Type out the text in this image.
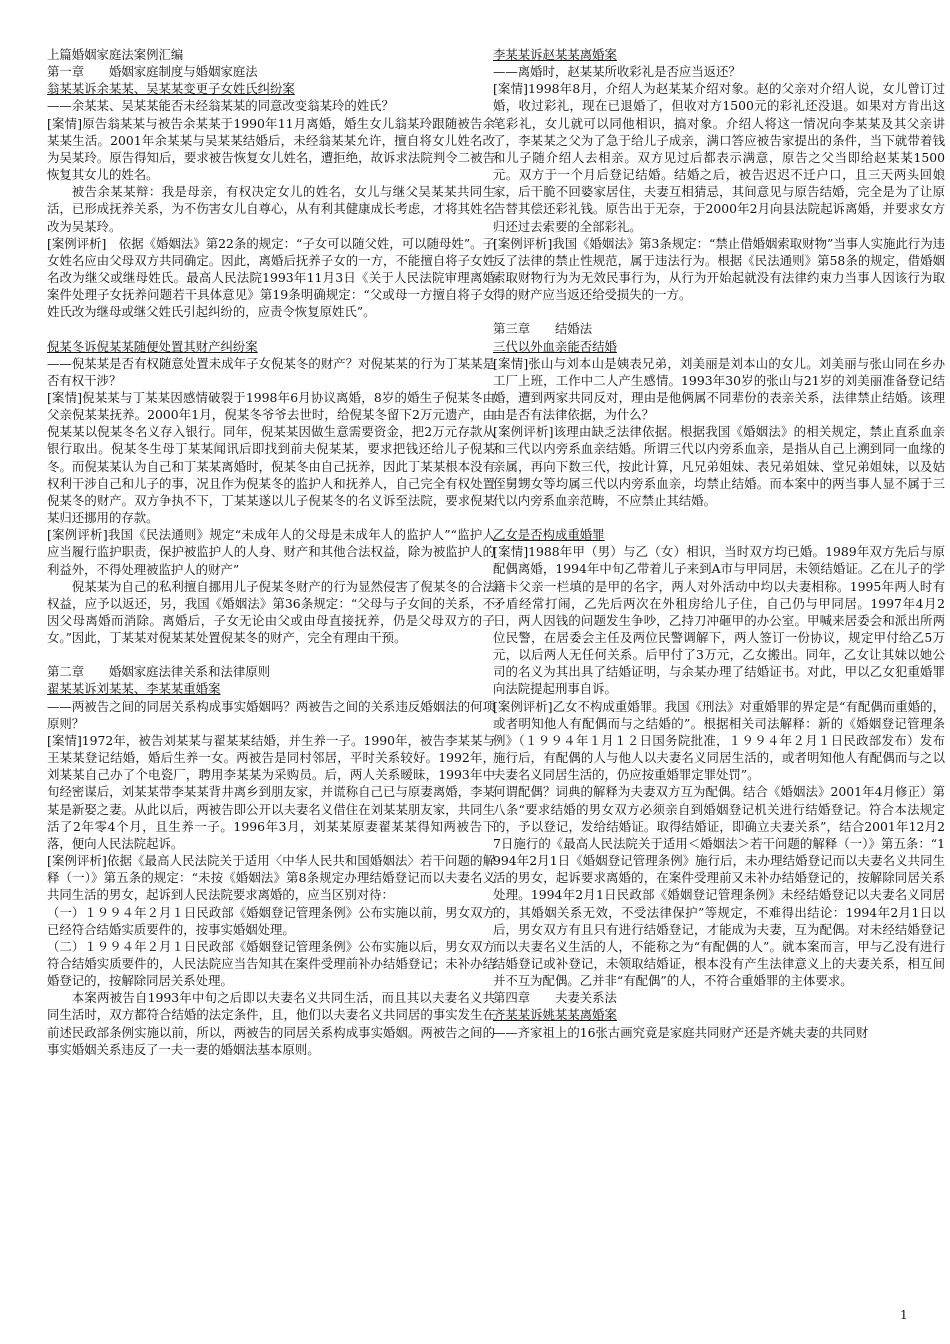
上篇婚姻家庭法案例汇编
第一章　　婚姻家庭制度与婚姻家庭法
翁某某诉余某某、吴某某变更子女姓氏纠纷案
——余某某、吴某某能否未经翁某某的同意改变翁某玲的姓氏？
[案情]原告翁某某与被告余某某于1990年11月离婚，婚生女儿翁某玲跟随被告余某某生活。2001年余某某与吴某某结婚后，未经翁某某允许，擅自将女儿姓名改为吴某玲。原告得知后，要求被告恢复女儿姓名，遭拒绝，故诉求法院判令二被告恢复其女儿的姓名。
被告余某某辩：我是母亲，有权决定女儿的姓名，女儿与继父吴某某共同生活，已形成抚养关系，为不伤害女儿自尊心，从有利其健康成长考虑，才将其姓名改为吴某玲。
[案例评析]　依据《婚姻法》第22条的规定：“子女可以随父姓，可以随母姓”。子女姓名应由父母双方共同确定。因此，离婚后抚养子女的一方，不能擅自将子女姓名改为继父或继母姓氏。最高人民法院1993年11月3日《关于人民法院审理离婚案件处理子女抚养问题若干具体意见》第19条明确规定：“父或母一方擅自将子女姓氏改为继母或继父姓氏引起纠纷的，应责令恢复原姓氏”。
倪某冬诉倪某某随便处置其财产纠纷案
——倪某某是否有权随意处置未成年子女倪某冬的财产？对倪某某的行为丁某某是否有权干涉？
[案情]倪某某与丁某某因感情破裂于1998年6月协议离婚，8岁的婚生子倪某冬由父亲倪某某抚养。2000年1月，倪某冬爷爷去世时，给倪某冬留下2万元遗产，由倪某某以倪某冬名义存入银行。同年，倪某某因做生意需要资金，把2万元存款从银行取出。倪某冬生母丁某某闻讯后即找到前夫倪某某，要求把钱还给儿子倪某冬。而倪某某认为自己和丁某某离婚时，倪某冬由自己抚养，因此丁某某根本没有权利干涉自己和儿子的事，况且作为倪某冬的监护人和抚养人，自己完全有权处置倪某冬的财产。双方争执不下，丁某某遂以儿子倪某冬的名义诉至法院，要求倪某某归还挪用的存款。
[案例评析]我国《民法通则》规定“未成年人的父母是未成年人的监护人”“监护人应当履行监护职责，保护被监护人的人身、财产和其他合法权益，除为被监护人的利益外，不得处理被监护人的财产”
倪某某为自己的私利擅自挪用儿子倪某冬财产的行为显然侵害了倪某冬的合法权益，应予以返还，另，我国《婚姻法》第36条规定：“父母与子女间的关系，不因父母离婚而消除。离婚后，子女无论由父或由母直接抚养，仍是父母双方的子女。”因此，丁某某对倪某某处置倪某冬的财产，完全有理由干预。
第二章　　婚姻家庭法律关系和法律原则
翟某某诉刘某某、李某某重婚案
——两被告之间的同居关系构成事实婚姻吗？两被告之间的关系违反婚姻法的何项原则？
[案情]1972年，被告刘某某与翟某某结婚，并生养一子。1990年，被告李某某与王某某登记结婚，婚后生养一女。两被告是同村邻居，平时关系较好。1992年，刘某某自己办了个电瓷厂，聘用李某某为采购员。后，两人关系暧昧，1993年中旬经密谋后，刘某某带李某某背井离乡到朋友家，并谎称自己已与原妻离婚，李某某是新娶之妻。从此以后，两被告即公开以夫妻名义借住在刘某某朋友家，共同生活了2年零4个月，且生养一子。1996年3月，刘某某原妻翟某某得知两被告下落，便向人民法院起诉。
[案例评析]依据《最高人民法院关于适用〈中华人民共和国婚姻法〉若干问题的解释（一）》第五条的规定：“未按《婚姻法》第8条规定办理结婚登记而以夫妻名义共同生活的男女，起诉到人民法院要求离婚的，应当区别对待：
（一）１９９４年２月１日民政部《婚姻登记管理条例》公布实施以前，男女双方已经符合结婚实质要件的，按事实婚姻处理。
（二）１９９４年２月１日民政部《婚姻登记管理条例》公布实施以后，男女双方符合结婚实质要件的，人民法院应当告知其在案件受理前补办结婚登记；未补办结婚登记的，按解除同居关系处理。
本案两被告自1993年中旬之后即以夫妻名义共同生活，而且其以夫妻名义共同生活时，双方都符合结婚的法定条件，且，他们以夫妻名义共同居的事实发生在前述民政部条例实施以前，所以，两被告的同居关系构成事实婚姻。两被告之间的事实婚姻关系违反了一夫一妻的婚姻法基本原则。
李某某诉赵某某离婚案
——离婚时，赵某某所收彩礼是否应当返还？
[案情]1998年8月，介绍人为赵某某介绍对象。赵的父亲对介绍人说，女儿曾订过婚，收过彩礼，现在已退婚了，但收对方1500元的彩礼还没退。如果对方肯出这笔彩礼，女儿就可以同他相识，搞对象。介绍人将这一情况向李某某及其父亲讲了，李某某之父为了急于给儿子成亲，满口答应被告家提出的条件，当下就带着钱和儿子随介绍人去相亲。双方见过后都表示满意，原告之父当即给赵某某1500元。双方于一个月后登记结婚。结婚之后，被告迟迟不迁户口，且三天两头回娘家，后干脆不回婆家居住，夫妻互相猜忌，其间意见与原告结婚，完全是为了让原告替其偿还彩礼钱。原告出于无奈，于2000年2月向县法院起诉离婚，并要求女方归还过去索要的全部彩礼。
[案例评析]我国《婚姻法》第3条规定：“禁止借婚姻索取财物”当事人实施此行为违反了法律的禁止性规范，属于违法行为。根据《民法通则》第58条的规定，借婚姻索取财物行为为无效民事行为，从行为开始起就没有法律约束力当事人因该行为取得的财产应当返还给受损失的一方。
第三章　　结婚法
三代以外血亲能否结婚
[案情]张山与刘本山是姨表兄弟，刘美丽是刘本山的女儿。刘美丽与张山同在乡办工厂上班，工作中二人产生感情。1993年30岁的张山与21岁的刘美丽准备登记结婚，遭到两家共同反对，理由是他俩属不同辈份的表亲关系，法律禁止结婚。该理由是否有法律依据，为什么？
[案例评析]该理由缺乏法律依据。根据我国《婚姻法》的相关规定，禁止直系血亲和三代以内旁系血亲结婚。所谓三代以内旁系血亲，是指从自己上溯到同一血缘的亲属，再向下数三代，按此计算，凡兄弟姐妹、表兄弟姐妹、堂兄弟姐妹，以及姑侄舅甥女等均属三代以内旁系血亲，均禁止结婚。而本案中的两当事人显不属于三代以内旁系血亲范畴，不应禁止其结婚。
乙女是否构成重婚罪
[案情]1988年甲（男）与乙（女）相识，当时双方均已婚。1989年双方先后与原配偶离婚，1994年中旬乙带着儿子来到A市与甲同居，未领结婚证。乙在儿子的学籍卡父亲一栏填的是甲的名字，两人对外活动中均以夫妻相称。1995年两人时有矛盾经常打闹，乙先后两次在外租房给儿子住，自己仍与甲同居。1997年4月2日，两人因钱的问题发生争吵，乙持刀冲砸甲的办公室。甲喊来居委会和派出所两位民警，在居委会主任及两位民警调解下，两人签订一份协议，规定甲付给乙5万元，以后两人无任何关系。后甲付了3万元，乙女搬出。同年，乙女让其妹以她公司的名义为其出具了结婚证明，与余某办理了结婚证书。对此，甲以乙女犯重婚罪向法院提起刑事自诉。
[案例评析]乙女不构成重婚罪。我国《刑法》对重婚罪的界定是“有配偶而重婚的，或者明知他人有配偶而与之结婚的”。根据相关司法解释：新的《婚姻登记管理条例》（１９９４年１月１２日国务院批准，１９９４年２月１日民政部发布）发布施行后，有配偶的人与他人以夫妻名义同居生活的，或者明知他人有配偶而与之以夫妻名义同居生活的，仍应按重婚罪定罪处罚”。
何谓配偶？词典的解释为夫妻双方互为配偶。结合《婚姻法》2001年4月修正）第八条“要求结婚的男女双方必须亲自到婚姻登记机关进行结婚登记。符合本法规定的，予以登记，发给结婚证。取得结婚证，即确立夫妻关系”，结合2001年12月27日施行的《最高人民法院关于适用＜婚姻法＞若干问题的解释（一）》第五条：“1994年2月1日《婚姻登记管理条例》施行后，未办理结婚登记而以夫妻名义共同生活的男女，起诉要求离婚的，在案件受理前又未补办结婚登记的，按解除同居关系处理。1994年2月1日民政部《婚姻登记管理条例》未经结婚登记以夫妻名义同居的，其婚姻关系无效，不受法律保护”等规定，不难得出结论：1994年2月1日以后，男女双方有且只有进行结婚登记，才能成为夫妻，互为配偶。对未经结婚登记而以夫妻名义生活的人，不能称之为“有配偶的人”。就本案而言，甲与乙没有进行结婚登记或补登记，未领取结婚证，根本没有产生法律意义上的夫妻关系，相互间并不互为配偶。乙并非“有配偶”的人，不符合重婚罪的主体要求。
第四章　　夫妻关系法
齐某某诉姚某某离婚案
——齐家祖上的16张古画究竟是家庭共同财产还是齐姚夫妻的共同财
1
